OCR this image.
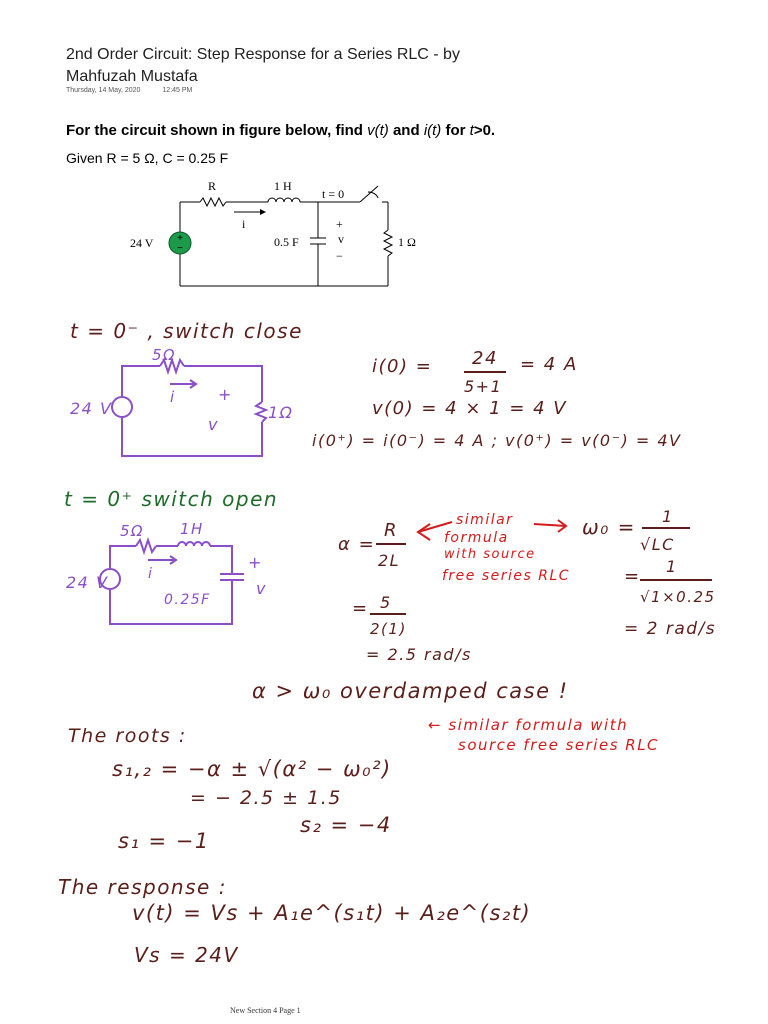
2nd Order Circuit: Step Response for a Series RLC - by
Mahfuzah Mustafa
Thursday, 14 May, 2020	12:45 PM
For the circuit shown in figure below, find v(t) and i(t) for t>0.
Given R = 5 Ω, C = 0.25 F
+
−
R	1 H
t = 0
24 V
i
0.5 F
+
v
−
1 Ω
t = 0⁻ , switch close
5Ω
i	+
v
1Ω
24 V
i(0) = 24
5+1
= 4 A
v(0) = 4 × 1 = 4 V
i(0⁺) = i(0⁻) = 4 A ; v(0⁺) = v(0⁻) = 4V
t = 0⁺ switch open
5Ω 1H
i
0.25F
+
v
24 V
α =
R
2L
similar
formula
with source
free series RLC
ω₀ = 1
√LC
= 1
√1×0.25
= 2 rad/s
= 5
2(1)
= 2.5 rad/s
α > ω₀ overdamped case !
The roots :
s₁,₂ = −α ± √(α² − ω₀²)
← similar formula with
source free series RLC
= − 2.5 ± 1.5
s₁ = −1
s₂ = −4
The response :
v(t) = Vs + A₁e^(s₁t) + A₂e^(s₂t)
Vs = 24V
New Section 4 Page 1
